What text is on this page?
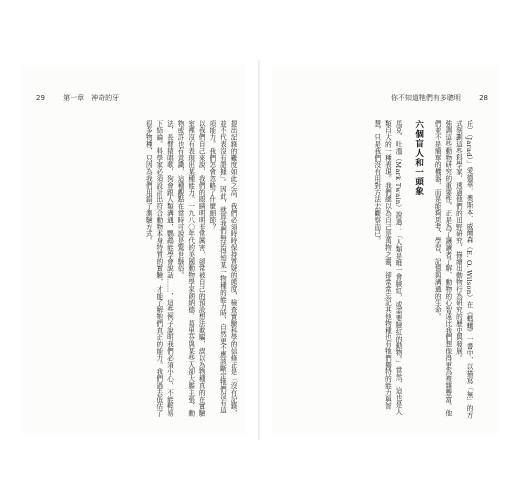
29	第一章　神奇的牙	你不知道牠們有多聰明	28

提出記錄的難度如此之高，我們必須時時保持質疑的態度，檢查實驗科學的信條正是「沒有記錄，並不代表沒有證據」。因此，就算我們無法得知某一物種的能力時，自然更不應該斷定牠們沒有這項能力。我們怎會忽略了什麼細節？

以我們自己來說，我們的眼睛明明非常厲害，卻常被自己的預設想法欺騙，誤以為物種真的在實驗室裡沒有表現出某種能力。一九八〇年代的美國動物學家朗納德．葛里芬與某些人卻大膽主張，動物或許也有意識，這種觀點在當時可說是驚世駭俗。

法，長臂猿唱歌，狗會跟人類溝通，鸚鵡能學會說話……，這些例子說明我們必須小心，不能輕易下結論。科學家必須設計出符合動物本身特質的實驗，才能了解牠們真正的能力。我們過去低估了很多物種，只因為我們用錯了測驗方式。	丘）（Jarad）」愛德華．奧斯本．威爾森（E. O. Wilson）在《螞蟻》一書中，以描寫「無」的方式刻劃這些科學家，透過他們的田野研究，描繪出動物行為研究的歷史與發展。

強調這些動物研究的重要性，正是為了讓讀者了解，動物的心智遠比我們想像得更為複雜豐富。他們並不是簡單的機器，而是能夠思考、學習、記憶與溝通的生命。

六個盲人和一頭象

馬克．吐溫（Mark Twain）說過：「人類是唯一會臉紅，或需要臉紅的動物。」當然，這也是人類自大的一種表現。我們總以為自己是萬物之靈，卻常常忘記其他物種也有牠們獨特的能力與智慧，只是我們沒有用對方法去觀察而已。
